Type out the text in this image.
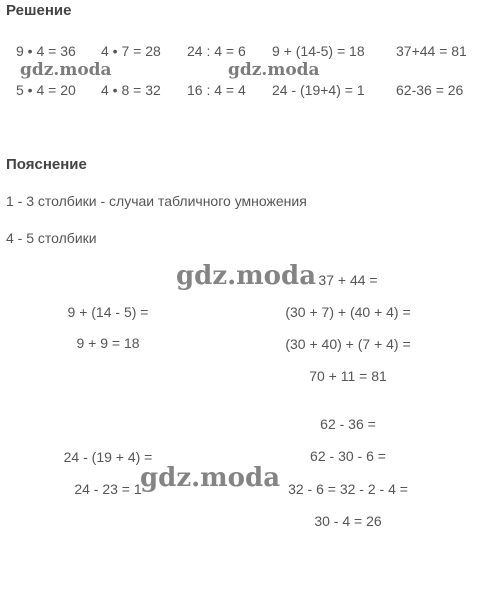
Решение
9 • 4 = 36 4 • 7 = 28 24 : 4 = 6 9 + (14-5) = 18 37+44 = 81
5 • 4 = 20 4 • 8 = 32 16 : 4 = 4 24 - (19+4) = 1 62-36 = 26
Пояснение
1 - 3 столбики - случаи табличного умножения
4 - 5 столбики
9 + (14 - 5) =
9 + 9 = 18
24 - (19 + 4) =
24 - 23 = 1
37 + 44 =
(30 + 7) + (40 + 4) =
(30 + 40) + (7 + 4) =
70 + 11 = 81
62 - 36 =
62 - 30 - 6 =
32 - 6 = 32 - 2 - 4 =
30 - 4 = 26
gdz.moda	gdz.moda
gdz.moda
gdz.moda
